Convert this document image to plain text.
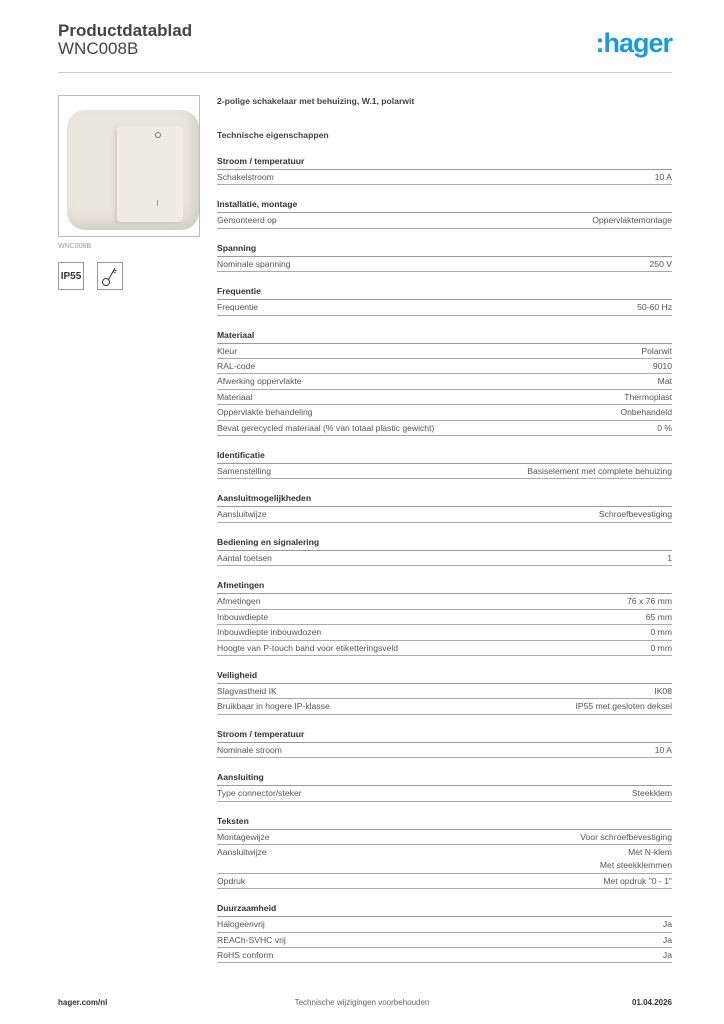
Productdatablad
WNC008B	:hager
WNC008B
IP55
2-polige schakelaar met behuizing, W.1, polarwit
Technische eigenschappen
Stroom / temperatuur
Schakelstroom	10 A
Installatie, montage
Gemonteerd op	Oppervlaktemontage
Spanning
Nominale spanning	250 V
Frequentie
Frequentie	50-60 Hz
Materiaal
Kleur	Polarwit
RAL-code	9010
Afwerking oppervlakte	Mat
Materiaal	Thermoplast
Oppervlakte behandeling	Onbehandeld
Bevat gerecycled materiaal (% van totaal plastic gewicht)	0 %
Identificatie
Samenstelling	Basiselement met complete behuizing
Aansluitmogelijkheden
Aansluitwijze	Schroefbevestiging
Bediening en signalering
Aantal toetsen	1
Afmetingen
Afmetingen	76 x 76 mm
Inbouwdiepte	65 mm
Inbouwdiepte inbouwdozen	0 mm
Hoogte van P-touch band voor etiketteringsveld	0 mm
Veiligheid
Slagvastheid IK	IK08
Bruikbaar in hogere IP-klasse	IP55 met gesloten deksel
Stroom / temperatuur
Nominale stroom	10 A
Aansluiting
Type connector/steker	Steekklem
Teksten
Montagewijze	Voor schroefbevestiging
Aansluitwijze	Met N-klem
Met steekklemmen
Opdruk	Met opdruk "0 - 1"
Duurzaamheid
Halogeenvrij	Ja
REACh-SVHC vrij	Ja
RoHS conform	Ja
Technische wijzigingen voorbehouden
hager.com/nl	01.04.2026
